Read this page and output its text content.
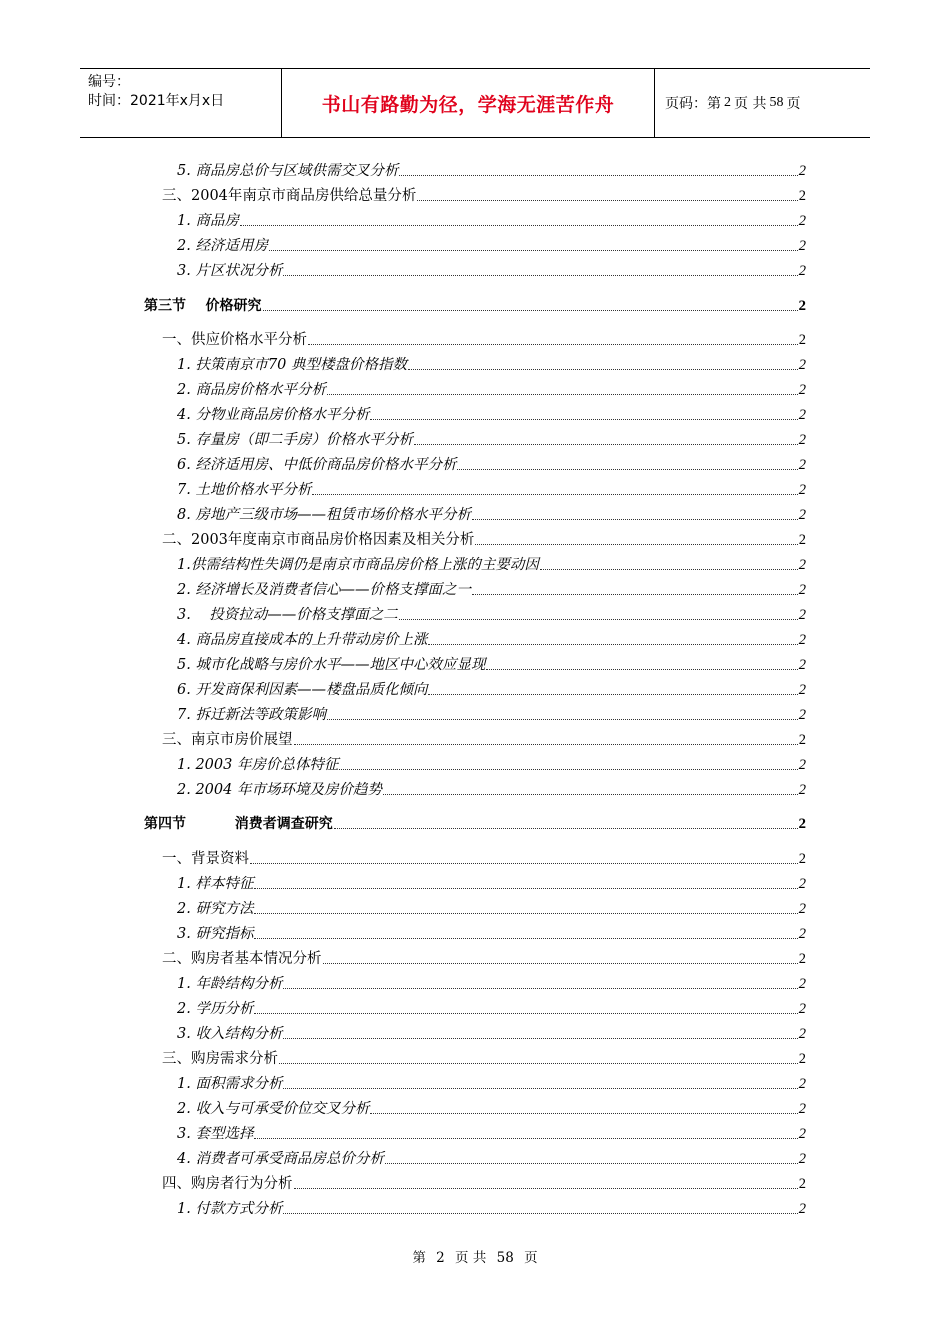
编号：
时间：2021年x月x日	书山有路勤为径，学海无涯苦作舟	页码：第 2 页 共 58 页
5. 商品房总价与区域供需交叉分析	2
三、2004年南京市商品房供给总量分析	2
1. 商品房	2
2. 经济适用房	2
3. 片区状况分析	2
第三节    价格研究	2
一、供应价格水平分析	2
1. 扶策南京市70 典型楼盘价格指数	2
2. 商品房价格水平分析	2
4. 分物业商品房价格水平分析	2
5. 存量房（即二手房）价格水平分析	2
6. 经济适用房、中低价商品房价格水平分析	2
7. 土地价格水平分析	2
8. 房地产三级市场——租赁市场价格水平分析	2
二、2003年度南京市商品房价格因素及相关分析	2
1.供需结构性失调仍是南京市商品房价格上涨的主要动因	2
2. 经济增长及消费者信心——价格支撑面之一	2
3.    投资拉动——价格支撑面之二	2
4. 商品房直接成本的上升带动房价上涨	2
5. 城市化战略与房价水平——地区中心效应显现	2
6. 开发商保利因素——楼盘品质化倾向	2
7. 拆迁新法等政策影响	2
三、南京市房价展望	2
1. 2003 年房价总体特征	2
2. 2004 年市场环境及房价趋势	2
第四节          消费者调查研究	2
一、背景资料	2
1. 样本特征	2
2. 研究方法	2
3. 研究指标	2
二、购房者基本情况分析	2
1. 年龄结构分析	2
2. 学历分析	2
3. 收入结构分析	2
三、购房需求分析	2
1. 面积需求分析	2
2. 收入与可承受价位交叉分析	2
3. 套型选择	2
4. 消费者可承受商品房总价分析	2
四、购房者行为分析	2
1. 付款方式分析	2
第 2 页 共 58 页
